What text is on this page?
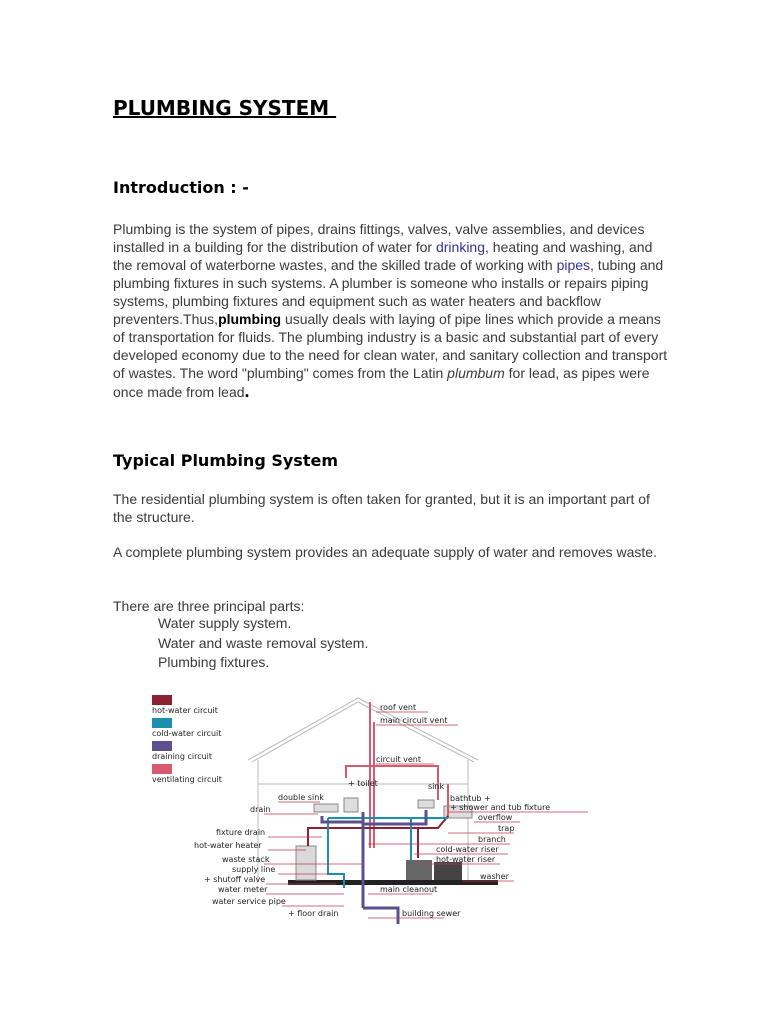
PLUMBING SYSTEM
Introduction : -

Plumbing is the system of pipes, drains fittings, valves, valve assemblies, and devices installed in a building for the distribution of water for drinking, heating and washing, and the removal of waterborne wastes, and the skilled trade of working with pipes, tubing and plumbing fixtures in such systems. A plumber is someone who installs or repairs piping systems, plumbing fixtures and equipment such as water heaters and backflow preventers.Thus,plumbing usually deals with laying of pipe lines which provide a means of transportation for fluids. The plumbing industry is a basic and substantial part of every developed economy due to the need for clean water, and sanitary collection and transport of wastes. The word "plumbing" comes from the Latin plumbum for lead, as pipes were once made from lead.

Typical Plumbing System

The residential plumbing system is often taken for granted, but it is an important part of the structure.

A complete plumbing system provides an adequate supply of water and removes waste.

There are three principal parts:

Water supply system.
Water and waste removal system.
Plumbing fixtures.
hot-water circuit
cold-water circuit
draining circuit
ventilating circuit
roof vent
main circuit vent
circuit vent
+ toilet	sink
bathtub +
+ shower and tub fixture
overflow
trap
branch
cold-water riser
hot-water riser
washer
main cleanout
building sewer
+ floor drain
water service pipe
water meter
+ shutoff valve
supply line
waste stack
hot-water heater
fixture drain
drain
double sink
